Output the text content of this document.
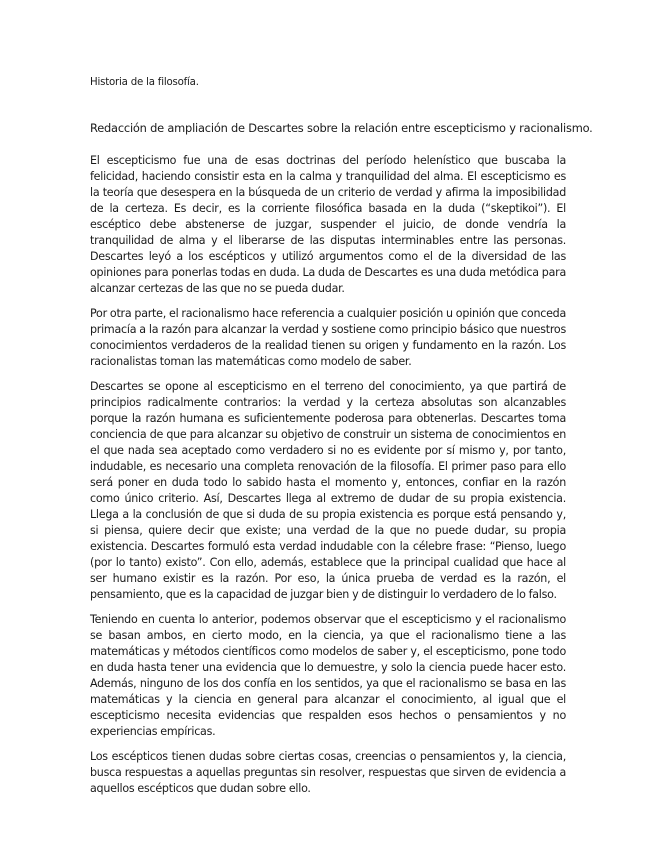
Historia de la filosofía.
Redacción de ampliación de Descartes sobre la relación entre escepticismo y racionalismo.

El escepticismo fue una de esas doctrinas del período helenístico que buscaba la felicidad, haciendo consistir esta en la calma y tranquilidad del alma. El escepticismo es la teoría que desespera en la búsqueda de un criterio de verdad y afirma la imposibilidad de la certeza. Es decir, es la corriente filosófica basada en la duda (“skeptikoi”). El escéptico debe abstenerse de juzgar, suspender el juicio, de donde vendría la tranquilidad de alma y el liberarse de las disputas interminables entre las personas. Descartes leyó a los escépticos y utilizó argumentos como el de la diversidad de las opiniones para ponerlas todas en duda. La duda de Descartes es una duda metódica para alcanzar certezas de las que no se pueda dudar.

Por otra parte, el racionalismo hace referencia a cualquier posición u opinión que conceda primacía a la razón para alcanzar la verdad y sostiene como principio básico que nuestros conocimientos verdaderos de la realidad tienen su origen y fundamento en la razón. Los racionalistas toman las matemáticas como modelo de saber.

Descartes se opone al escepticismo en el terreno del conocimiento, ya que partirá de principios radicalmente contrarios: la verdad y la certeza absolutas son alcanzables porque la razón humana es suficientemente poderosa para obtenerlas. Descartes toma conciencia de que para alcanzar su objetivo de construir un sistema de conocimientos en el que nada sea aceptado como verdadero si no es evidente por sí mismo y, por tanto, indudable, es necesario una completa renovación de la filosofía. El primer paso para ello será poner en duda todo lo sabido hasta el momento y, entonces, confiar en la razón como único criterio. Así, Descartes llega al extremo de dudar de su propia existencia. Llega a la conclusión de que si duda de su propia existencia es porque está pensando y, si piensa, quiere decir que existe; una verdad de la que no puede dudar, su propia existencia. Descartes formuló esta verdad indudable con la célebre frase: “Pienso, luego (por lo tanto) existo”. Con ello, además, establece que la principal cualidad que hace al ser humano existir es la razón. Por eso, la única prueba de verdad es la razón, el pensamiento, que es la capacidad de juzgar bien y de distinguir lo verdadero de lo falso.

Teniendo en cuenta lo anterior, podemos observar que el escepticismo y el racionalismo se basan ambos, en cierto modo, en la ciencia, ya que el racionalismo tiene a las matemáticas y métodos científicos como modelos de saber y, el escepticismo, pone todo en duda hasta tener una evidencia que lo demuestre, y solo la ciencia puede hacer esto. Además, ninguno de los dos confía en los sentidos, ya que el racionalismo se basa en las matemáticas y la ciencia en general para alcanzar el conocimiento, al igual que el escepticismo necesita evidencias que respalden esos hechos o pensamientos y no experiencias empíricas.

Los escépticos tienen dudas sobre ciertas cosas, creencias o pensamientos y, la ciencia, busca respuestas a aquellas preguntas sin resolver, respuestas que sirven de evidencia a aquellos escépticos que dudan sobre ello.
